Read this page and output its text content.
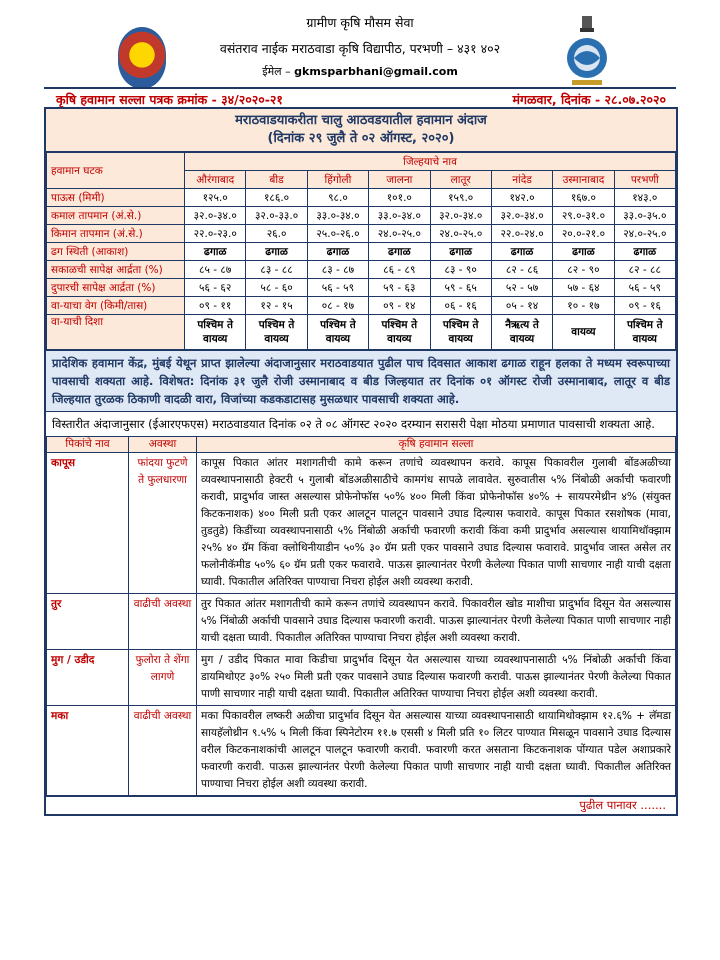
ग्रामीण कृषि मौसम सेवा
वसंतराव नाईक मराठवाडा कृषि विद्यापीठ, परभणी – ४३१ ४०२
ईमेल – gkmsparbhani@gmail.com
कृषि हवामान सल्ला पत्रक क्रमांक - ३४/२०२०-२१	मंगळवार, दिनांक - २८.०७.२०२०
मराठवाडयाकरीता चालु आठवडयातील हवामान अंदाज
(दिनांक २९ जुलै ते ०२ ऑगस्ट, २०२०)
हवामान घटक	जिल्हयाचे नाव							
	औरंगाबाद	बीड	हिंगोली	जालना	लातूर	नांदेड	उस्मानाबाद	परभणी
पाऊस (मिमी)	१२५.०	१८६.०	९८.०	१०१.०	१५९.०	१४२.०	१६७.०	१४३.०
कमाल तापमान (अं.से.)	३२.०-३४.०	३२.०-३३.०	३३.०-३४.०	३३.०-३४.०	३२.०-३४.०	३२.०-३४.०	२९.०-३१.०	३३.०-३५.०
किमान तापमान (अं.से.)	२२.०-२३.०	२६.०	२५.०-२६.०	२४.०-२५.०	२४.०-२५.०	२२.०-२४.०	२०.०-२१.०	२४.०-२५.०
ढग स्थिती (आकाश)	ढगाळ	ढगाळ	ढगाळ	ढगाळ	ढगाळ	ढगाळ	ढगाळ	ढगाळ
सकाळची सापेक्ष आर्द्रता (%)	८५ - ८७	८३ - ८८	८३ - ८७	८६ - ८९	८३ - ९०	८२ - ८६	८२ - ९०	८२ - ८८
दुपारची सापेक्ष आर्द्रता (%)	५६ - ६२	५८ - ६०	५६ - ५९	५९ - ६३	५९ - ६५	५२ - ५७	५७ - ६४	५६ - ५९
वा-याचा वेग (किमी/तास)	०९ - ११	१२ - १५	०८ - १७	०९ - १४	०६ - १६	०५ - १४	१० - १७	०९ - १६
वा-याची दिशा	पश्चिम ते वायव्य	पश्चिम ते वायव्य	पश्चिम ते वायव्य	पश्चिम ते वायव्य	पश्चिम ते वायव्य	नैऋत्य ते वायव्य	वायव्य	पश्चिम ते वायव्य
प्रादेशिक हवामान केंद्र, मुंबई येथून प्राप्त झालेल्या अंदाजानुसार मराठवाडयात पुढील पाच दिवसात आकाश ढगाळ राहून हलका ते मध्यम स्वरूपाच्या पावसाची शक्यता आहे. विशेषत: दिनांक ३१ जुलै रोजी उस्मानाबाद व बीड जिल्हयात तर दिनांक ०१ ऑगस्ट रोजी उस्मानाबाद, लातूर व बीड जिल्हयात तुरळक ठिकाणी वादळी वारा, विजांच्या कडकडाटासह मुसळधार पावसाची शक्यता आहे.
विस्तारीत अंदाजानुसार (ईआरएफएस) मराठवाडयात दिनांक ०२ ते ०८ ऑगस्ट २०२० दरम्यान सरासरी पेक्षा मोठया प्रमाणात पावसाची शक्यता आहे.
पिकांचे नाव	अवस्था	कृषि हवामान सल्ला
कापूस	फांदया फुटणे ते फुलधारणा	कापूस पिकात आंतर मशागतीची कामे करून तणांचे व्यवस्थापन करावे. कापूस पिकावरील गुलाबी बोंडअळीच्या व्यवस्थापनासाठी हेक्टरी ५ गुलाबी बोंडअळीसाठीचे कामगंध सापळे लावावेत. सुरुवातीस ५% निंबोळी अर्काची फवारणी करावी, प्रादुर्भाव जास्त असल्यास प्रोफेनोफॉस ५०% ४०० मिली किंवा प्रोफेनोफॉस ४०% + सायपरमेथ्रीन ४% (संयुक्त किटकनाशक) ४०० मिली प्रती एकर आलटून पालटून पावसाने उघाड दिल्यास फवारावे. कापूस पिकात रसशोषक (मावा, तुडतुडे) किडींच्या व्यवस्थापनासाठी ५% निंबोळी अर्काची फवारणी करावी किंवा कमी प्रादुर्भाव असल्यास थायामिथॉक्झाम २५% ४० ग्रॅम किंवा क्लोथिनीयाडीन ५०% ३० ग्रॅम प्रती एकर पावसाने उघाड दिल्यास फवारावे. प्रादुर्भाव जास्त असेल तर फलोनीकॅमीड ५०% ६० ग्रॅम प्रती एकर फवारावे. पाऊस झाल्यानंतर पेरणी केलेल्या पिकात पाणी साचणार नाही याची दक्षता घ्यावी. पिकातील अतिरिक्त पाण्याचा निचरा होईल अशी व्यवस्था करावी.
तुर	वाढीची अवस्था	तुर पिकात आंतर मशागतीची कामे करून तणांचे व्यवस्थापन करावे. पिकावरील खोड माशीचा प्रादुर्भाव दिसून येत असल्यास ५% निंबोळी अर्काची पावसाने उघाड दिल्यास फवारणी करावी. पाऊस झाल्यानंतर पेरणी केलेल्या पिकात पाणी साचणार नाही याची दक्षता घ्यावी. पिकातील अतिरिक्त पाण्याचा निचरा होईल अशी व्यवस्था करावी.
मुग / उडीद	फुलोरा ते शेंगा लागणे	मुग / उडीद पिकात मावा किडीचा प्रादुर्भाव दिसून येत असल्यास याच्या व्यवस्थापनासाठी ५% निंबोळी अर्काची किंवा डायमिथोएट ३०% २५० मिली प्रती एकर पावसाने उघाड दिल्यास फवारणी करावी. पाऊस झाल्यानंतर पेरणी केलेल्या पिकात पाणी साचणार नाही याची दक्षता घ्यावी. पिकातील अतिरिक्त पाण्याचा निचरा होईल अशी व्यवस्था करावी.
मका	वाढीची अवस्था	मका पिकावरील लष्करी अळीचा प्रादुर्भाव दिसून येत असल्यास याच्या व्यवस्थापनासाठी थायामिथोक्झाम १२.६% + लॅमडा सायहॅलोथ्रीन ९.५% ५ मिली किंवा स्पिनेटोरम ११.७ एससी ४ मिली प्रति १० लिटर पाण्यात मिसळून पावसाने उघाड दिल्यास वरील किटकनाशकांची आलटून पालटून फवारणी करावी. फवारणी करत असताना किटकनाशक पोंग्यात पडेल अशाप्रकारे फवारणी करावी. पाऊस झाल्यानंतर पेरणी केलेल्या पिकात पाणी साचणार नाही याची दक्षता घ्यावी. पिकातील अतिरिक्त पाण्याचा निचरा होईल अशी व्यवस्था करावी.
पुढील पानावर .......
